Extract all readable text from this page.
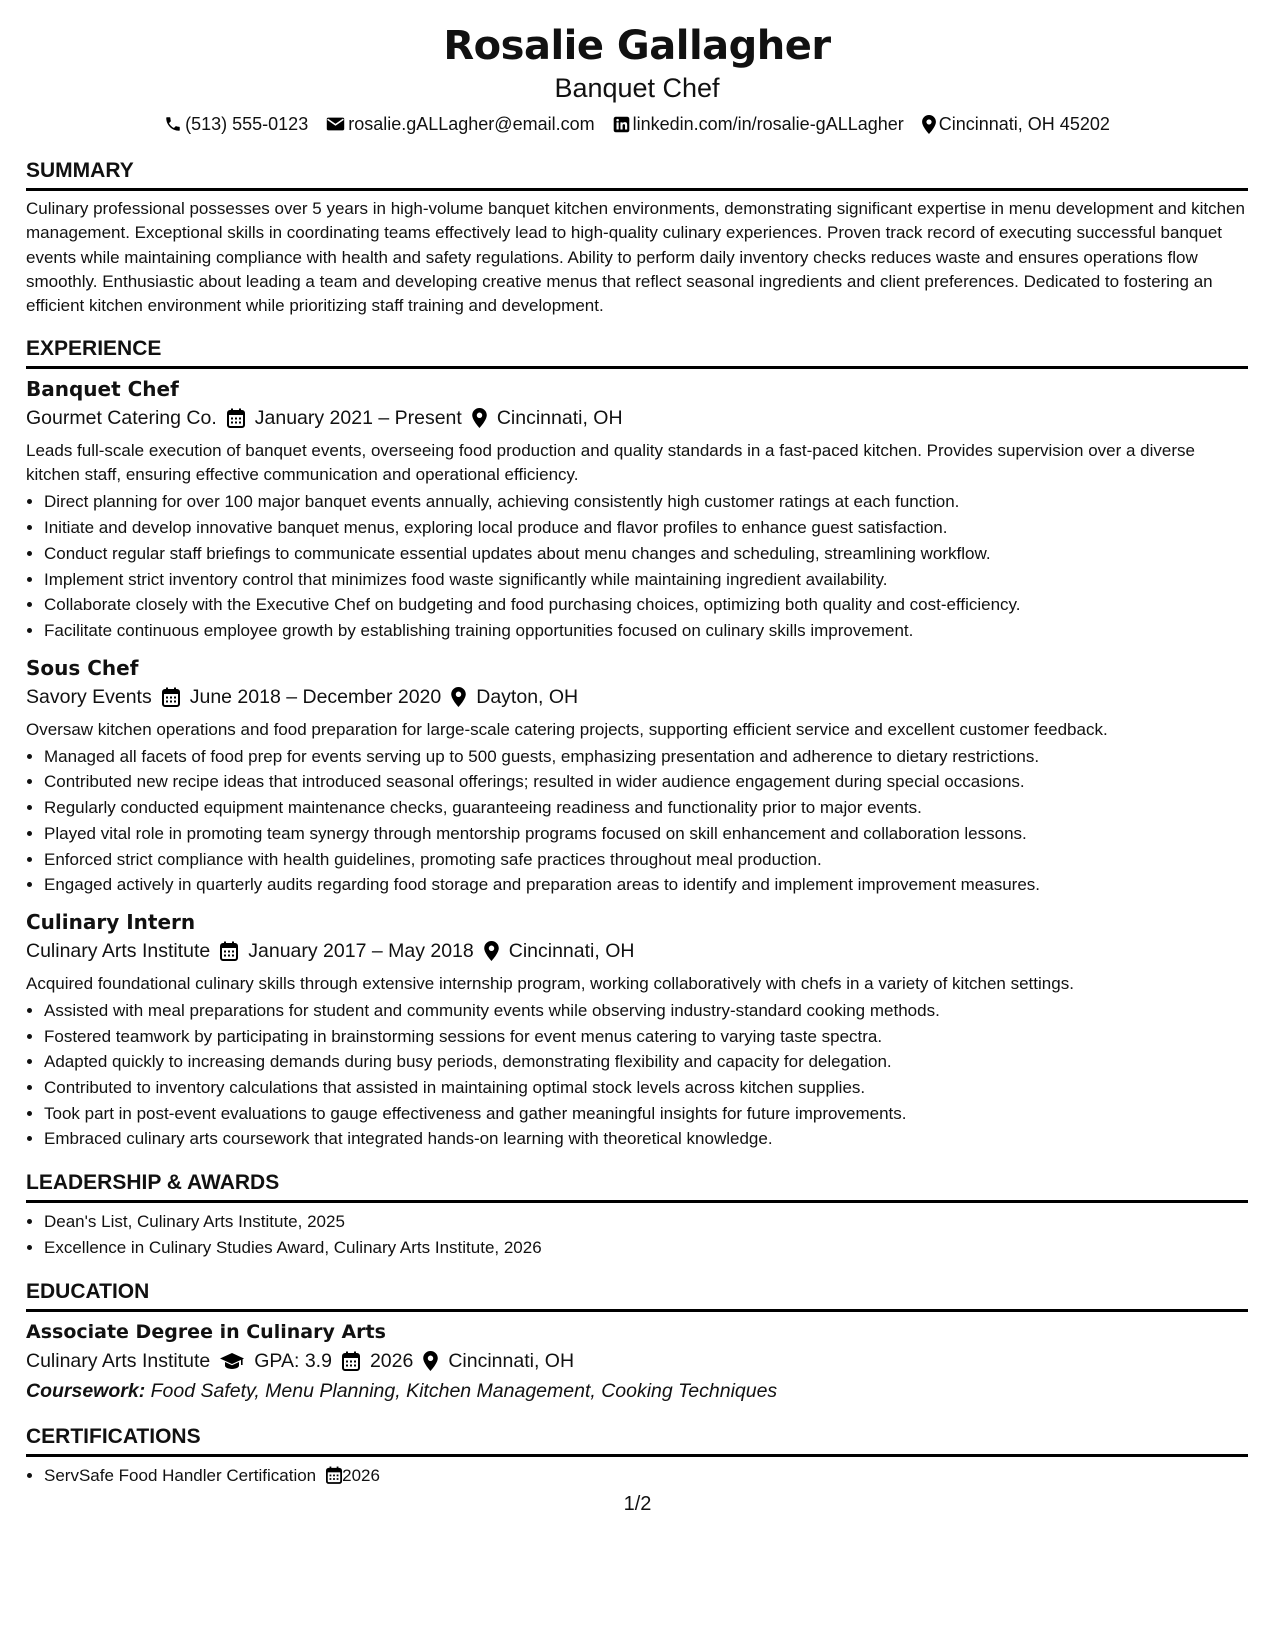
Rosalie Gallagher
Banquet Chef
(513) 555-0123 rosalie.gALLagher@email.com linkedin.com/in/rosalie-gALLagher Cincinnati, OH 45202
SUMMARY

Culinary professional possesses over 5 years in high-volume banquet kitchen environments, demonstrating significant expertise in menu development and kitchen management. Exceptional skills in coordinating teams effectively lead to high-quality culinary experiences. Proven track record of executing successful banquet events while maintaining compliance with health and safety regulations. Ability to perform daily inventory checks reduces waste and ensures operations flow smoothly. Enthusiastic about leading a team and developing creative menus that reflect seasonal ingredients and client preferences. Dedicated to fostering an efficient kitchen environment while prioritizing staff training and development.

EXPERIENCE
Banquet Chef
Gourmet Catering Co. January 2021 – Present Cincinnati, OH

Leads full-scale execution of banquet events, overseeing food production and quality standards in a fast-paced kitchen. Provides supervision over a diverse kitchen staff, ensuring effective communication and operational efficiency.

• Direct planning for over 100 major banquet events annually, achieving consistently high customer ratings at each function.
• Initiate and develop innovative banquet menus, exploring local produce and flavor profiles to enhance guest satisfaction.
• Conduct regular staff briefings to communicate essential updates about menu changes and scheduling, streamlining workflow.
• Implement strict inventory control that minimizes food waste significantly while maintaining ingredient availability.
• Collaborate closely with the Executive Chef on budgeting and food purchasing choices, optimizing both quality and cost-efficiency.
• Facilitate continuous employee growth by establishing training opportunities focused on culinary skills improvement.
Sous Chef
Savory Events June 2018 – December 2020 Dayton, OH

Oversaw kitchen operations and food preparation for large-scale catering projects, supporting efficient service and excellent customer feedback.

• Managed all facets of food prep for events serving up to 500 guests, emphasizing presentation and adherence to dietary restrictions.
• Contributed new recipe ideas that introduced seasonal offerings; resulted in wider audience engagement during special occasions.
• Regularly conducted equipment maintenance checks, guaranteeing readiness and functionality prior to major events.
• Played vital role in promoting team synergy through mentorship programs focused on skill enhancement and collaboration lessons.
• Enforced strict compliance with health guidelines, promoting safe practices throughout meal production.
• Engaged actively in quarterly audits regarding food storage and preparation areas to identify and implement improvement measures.
Culinary Intern
Culinary Arts Institute January 2017 – May 2018 Cincinnati, OH

Acquired foundational culinary skills through extensive internship program, working collaboratively with chefs in a variety of kitchen settings.

• Assisted with meal preparations for student and community events while observing industry-standard cooking methods.
• Fostered teamwork by participating in brainstorming sessions for event menus catering to varying taste spectra.
• Adapted quickly to increasing demands during busy periods, demonstrating flexibility and capacity for delegation.
• Contributed to inventory calculations that assisted in maintaining optimal stock levels across kitchen supplies.
• Took part in post-event evaluations to gauge effectiveness and gather meaningful insights for future improvements.
• Embraced culinary arts coursework that integrated hands-on learning with theoretical knowledge.
LEADERSHIP & AWARDS
• Dean's List, Culinary Arts Institute, 2025
• Excellence in Culinary Studies Award, Culinary Arts Institute, 2026
EDUCATION
Associate Degree in Culinary Arts
Culinary Arts Institute GPA: 3.9 2026 Cincinnati, OH
Coursework: Food Safety, Menu Planning, Kitchen Management, Cooking Techniques
CERTIFICATIONS
• ServSafe Food Handler Certification 2026
1/2
